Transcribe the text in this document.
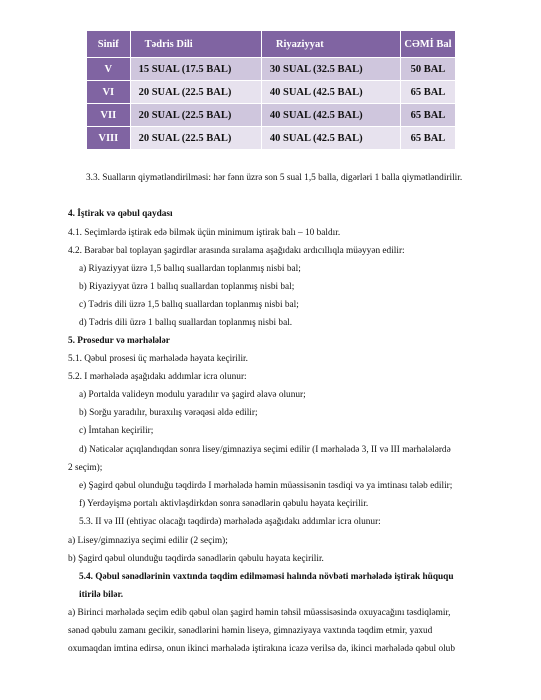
Sinif	Tədris Dili	Riyaziyyat	CƏMİ Bal
V	15 SUAL (17.5 BAL)	30 SUAL (32.5 BAL)	50 BAL
VI	20 SUAL (22.5 BAL)	40 SUAL (42.5 BAL)	65 BAL
VII	20 SUAL (22.5 BAL)	40 SUAL (42.5 BAL)	65 BAL
VIII	20 SUAL (22.5 BAL)	40 SUAL (42.5 BAL)	65 BAL
3.3. Sualların qiymətləndirilməsi: hər fənn üzrə son 5 sual 1,5 balla, digərləri 1 balla qiymətləndirilir.
4. İştirak və qəbul qaydası
4.1. Seçimlərdə iştirak edə bilmək üçün minimum iştirak balı – 10 baldır.
4.2. Bərabər bal toplayan şagirdlər arasında sıralama aşağıdakı ardıcıllıqla müəyyən edilir:
a) Riyaziyyat üzrə 1,5 ballıq suallardan toplanmış nisbi bal;
b) Riyaziyyat üzrə 1 ballıq suallardan toplanmış nisbi bal;
c) Tədris dili üzrə 1,5 ballıq suallardan toplanmış nisbi bal;
d) Tədris dili üzrə 1 ballıq suallardan toplanmış nisbi bal.
5. Prosedur və mərhələlər
5.1. Qəbul prosesi üç mərhələdə həyata keçirilir.
5.2. I mərhələdə aşağıdakı addımlar icra olunur:
a) Portalda valideyn modulu yaradılır və şagird əlavə olunur;
b) Sorğu yaradılır, buraxılış vərəqəsi əldə edilir;
c) İmtahan keçirilir;
d) Nəticələr açıqlandıqdan sonra lisey/gimnaziya seçimi edilir (I mərhələdə 3, II və III mərhələlərdə
2 seçim);
e) Şagird qəbul olunduğu təqdirdə I mərhələdə həmin müəssisənin təsdiqi və ya imtinası tələb edilir;
f) Yerdəyişmə portalı aktivləşdirkdən sonra sənədlərin qəbulu həyata keçirilir.
5.3. II və III (ehtiyac olacağı təqdirdə) mərhələdə aşağıdakı addımlar icra olunur:
a) Lisey/gimnaziya seçimi edilir (2 seçim);
b) Şagird qəbul olunduğu təqdirdə sənədlərin qəbulu həyata keçirilir.
5.4. Qəbul sənədlərinin vaxtında təqdim edilməməsi halında növbəti mərhələdə iştirak hüququ
itirilə bilər.
a) Birinci mərhələdə seçim edib qəbul olan şagird həmin təhsil müəssisəsində oxuyacağını təsdiqləmir,
sənəd qəbulu zamanı gecikir, sənədlərini həmin liseyə, gimnaziyaya vaxtında təqdim etmir, yaxud
oxumaqdan imtina edirsə, onun ikinci mərhələdə iştirakına icazə verilsə də, ikinci mərhələdə qəbul olub
